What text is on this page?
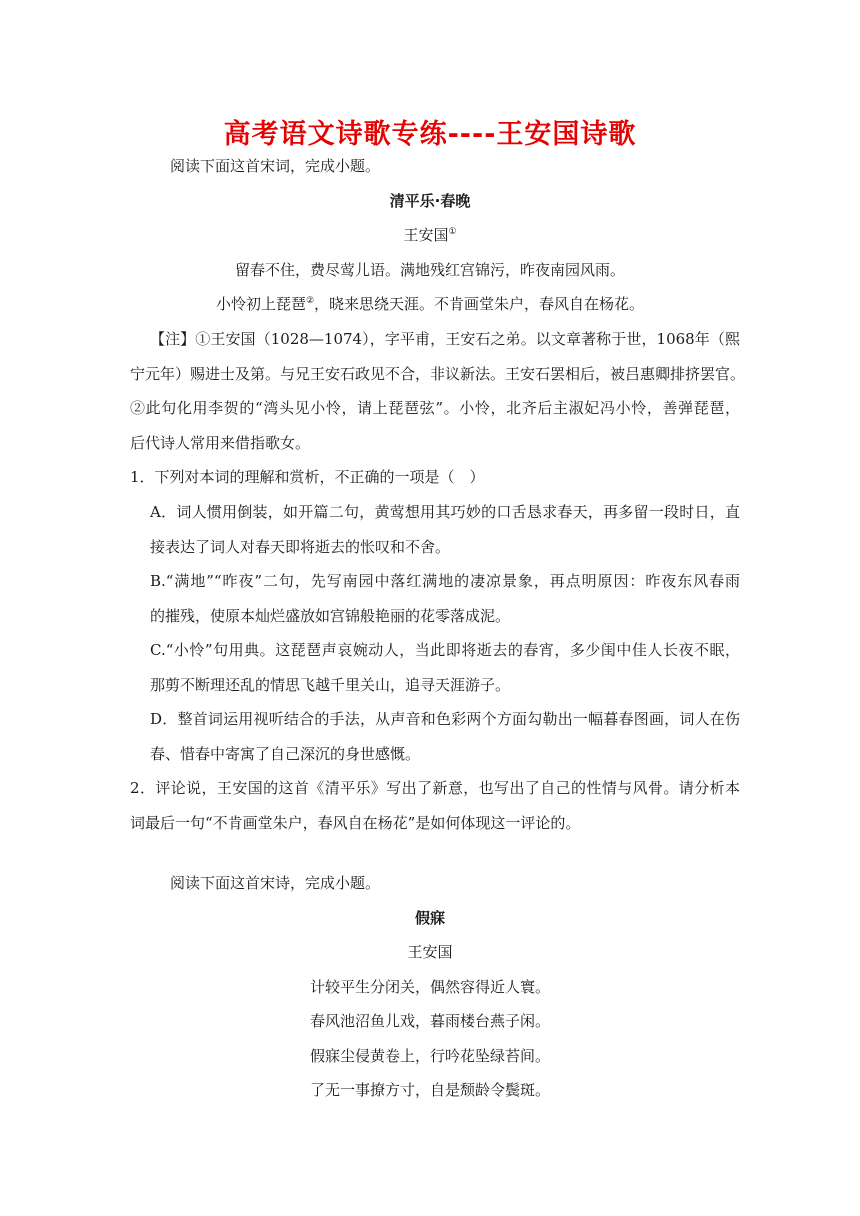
高考语文诗歌专练----王安国诗歌
阅读下面这首宋词，完成小题。
清平乐·春晚
王安国①
留春不住，费尽莺儿语。满地残红宫锦污，昨夜南园风雨。
小怜初上琵琶②，晓来思绕天涯。不肯画堂朱户，春风自在杨花。
【注】①王安国（1028—1074），字平甫，王安石之弟。以文章著称于世，1068年（熙
宁元年）赐进士及第。与兄王安石政见不合，非议新法。王安石罢相后，被吕惠卿排挤罢官。
②此句化用李贺的“湾头见小怜，请上琵琶弦”。小怜，北齐后主淑妃冯小怜，善弹琵琶，
后代诗人常用来借指歌女。
1．下列对本词的理解和赏析，不正确的一项是（　）
A．词人惯用倒装，如开篇二句，黄莺想用其巧妙的口舌恳求春天，再多留一段时日，直
接表达了词人对春天即将逝去的怅叹和不舍。
B.“满地”“昨夜”二句，先写南园中落红满地的凄凉景象，再点明原因：昨夜东风春雨
的摧残，使原本灿烂盛放如宫锦般艳丽的花零落成泥。
C.“小怜”句用典。这琵琶声哀婉动人，当此即将逝去的春宵，多少闺中佳人长夜不眠，
那剪不断理还乱的情思飞越千里关山，追寻天涯游子。
D．整首词运用视听结合的手法，从声音和色彩两个方面勾勒出一幅暮春图画，词人在伤
春、惜春中寄寓了自己深沉的身世感慨。
2．评论说，王安国的这首《清平乐》写出了新意，也写出了自己的性情与风骨。请分析本
词最后一句“不肯画堂朱户，春风自在杨花”是如何体现这一评论的。
阅读下面这首宋诗，完成小题。
假寐
王安国
计较平生分闭关，偶然容得近人寰。
春风池沼鱼儿戏，暮雨楼台燕子闲。
假寐尘侵黄卷上，行吟花坠绿苔间。
了无一事撩方寸，自是颓龄令鬓斑。
